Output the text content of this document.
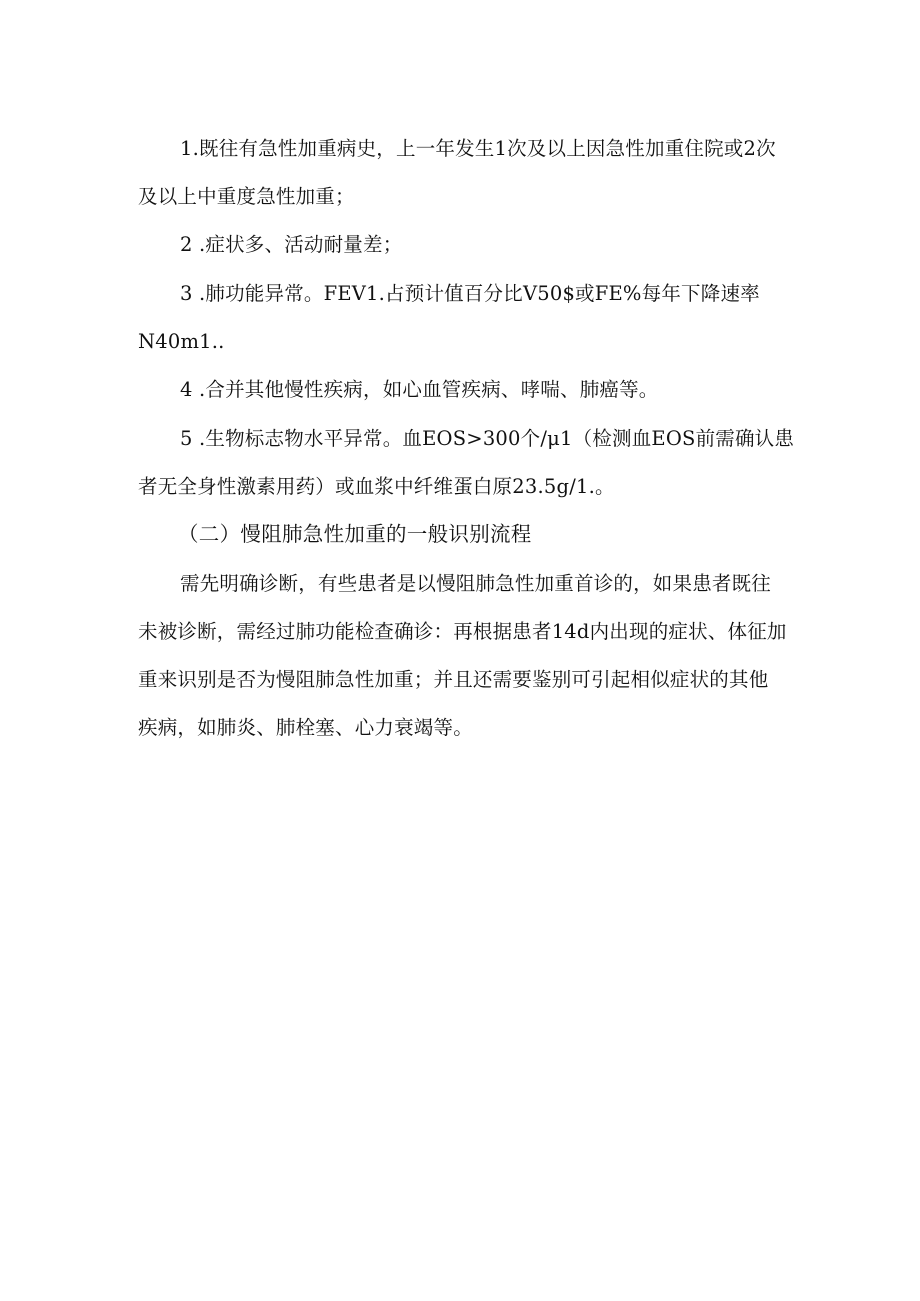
1.既往有急性加重病史，上一年发生1次及以上因急性加重住院或2次
及以上中重度急性加重；
2 .症状多、活动耐量差；
3 .肺功能异常。FEV1.占预计值百分比V50$或FE%每年下降速率
N40m1..
4 .合并其他慢性疾病，如心血管疾病、哮喘、肺癌等。
5 .生物标志物水平异常。血EOS>300个/μ1（检测血EOS前需确认患
者无全身性激素用药）或血浆中纤维蛋白原23.5g/1.。
（二）慢阻肺急性加重的一般识别流程
需先明确诊断，有些患者是以慢阻肺急性加重首诊的，如果患者既往
未被诊断，需经过肺功能检查确诊：再根据患者14d内出现的症状、体征加
重来识别是否为慢阻肺急性加重；并且还需要鉴别可引起相似症状的其他
疾病，如肺炎、肺栓塞、心力衰竭等。
